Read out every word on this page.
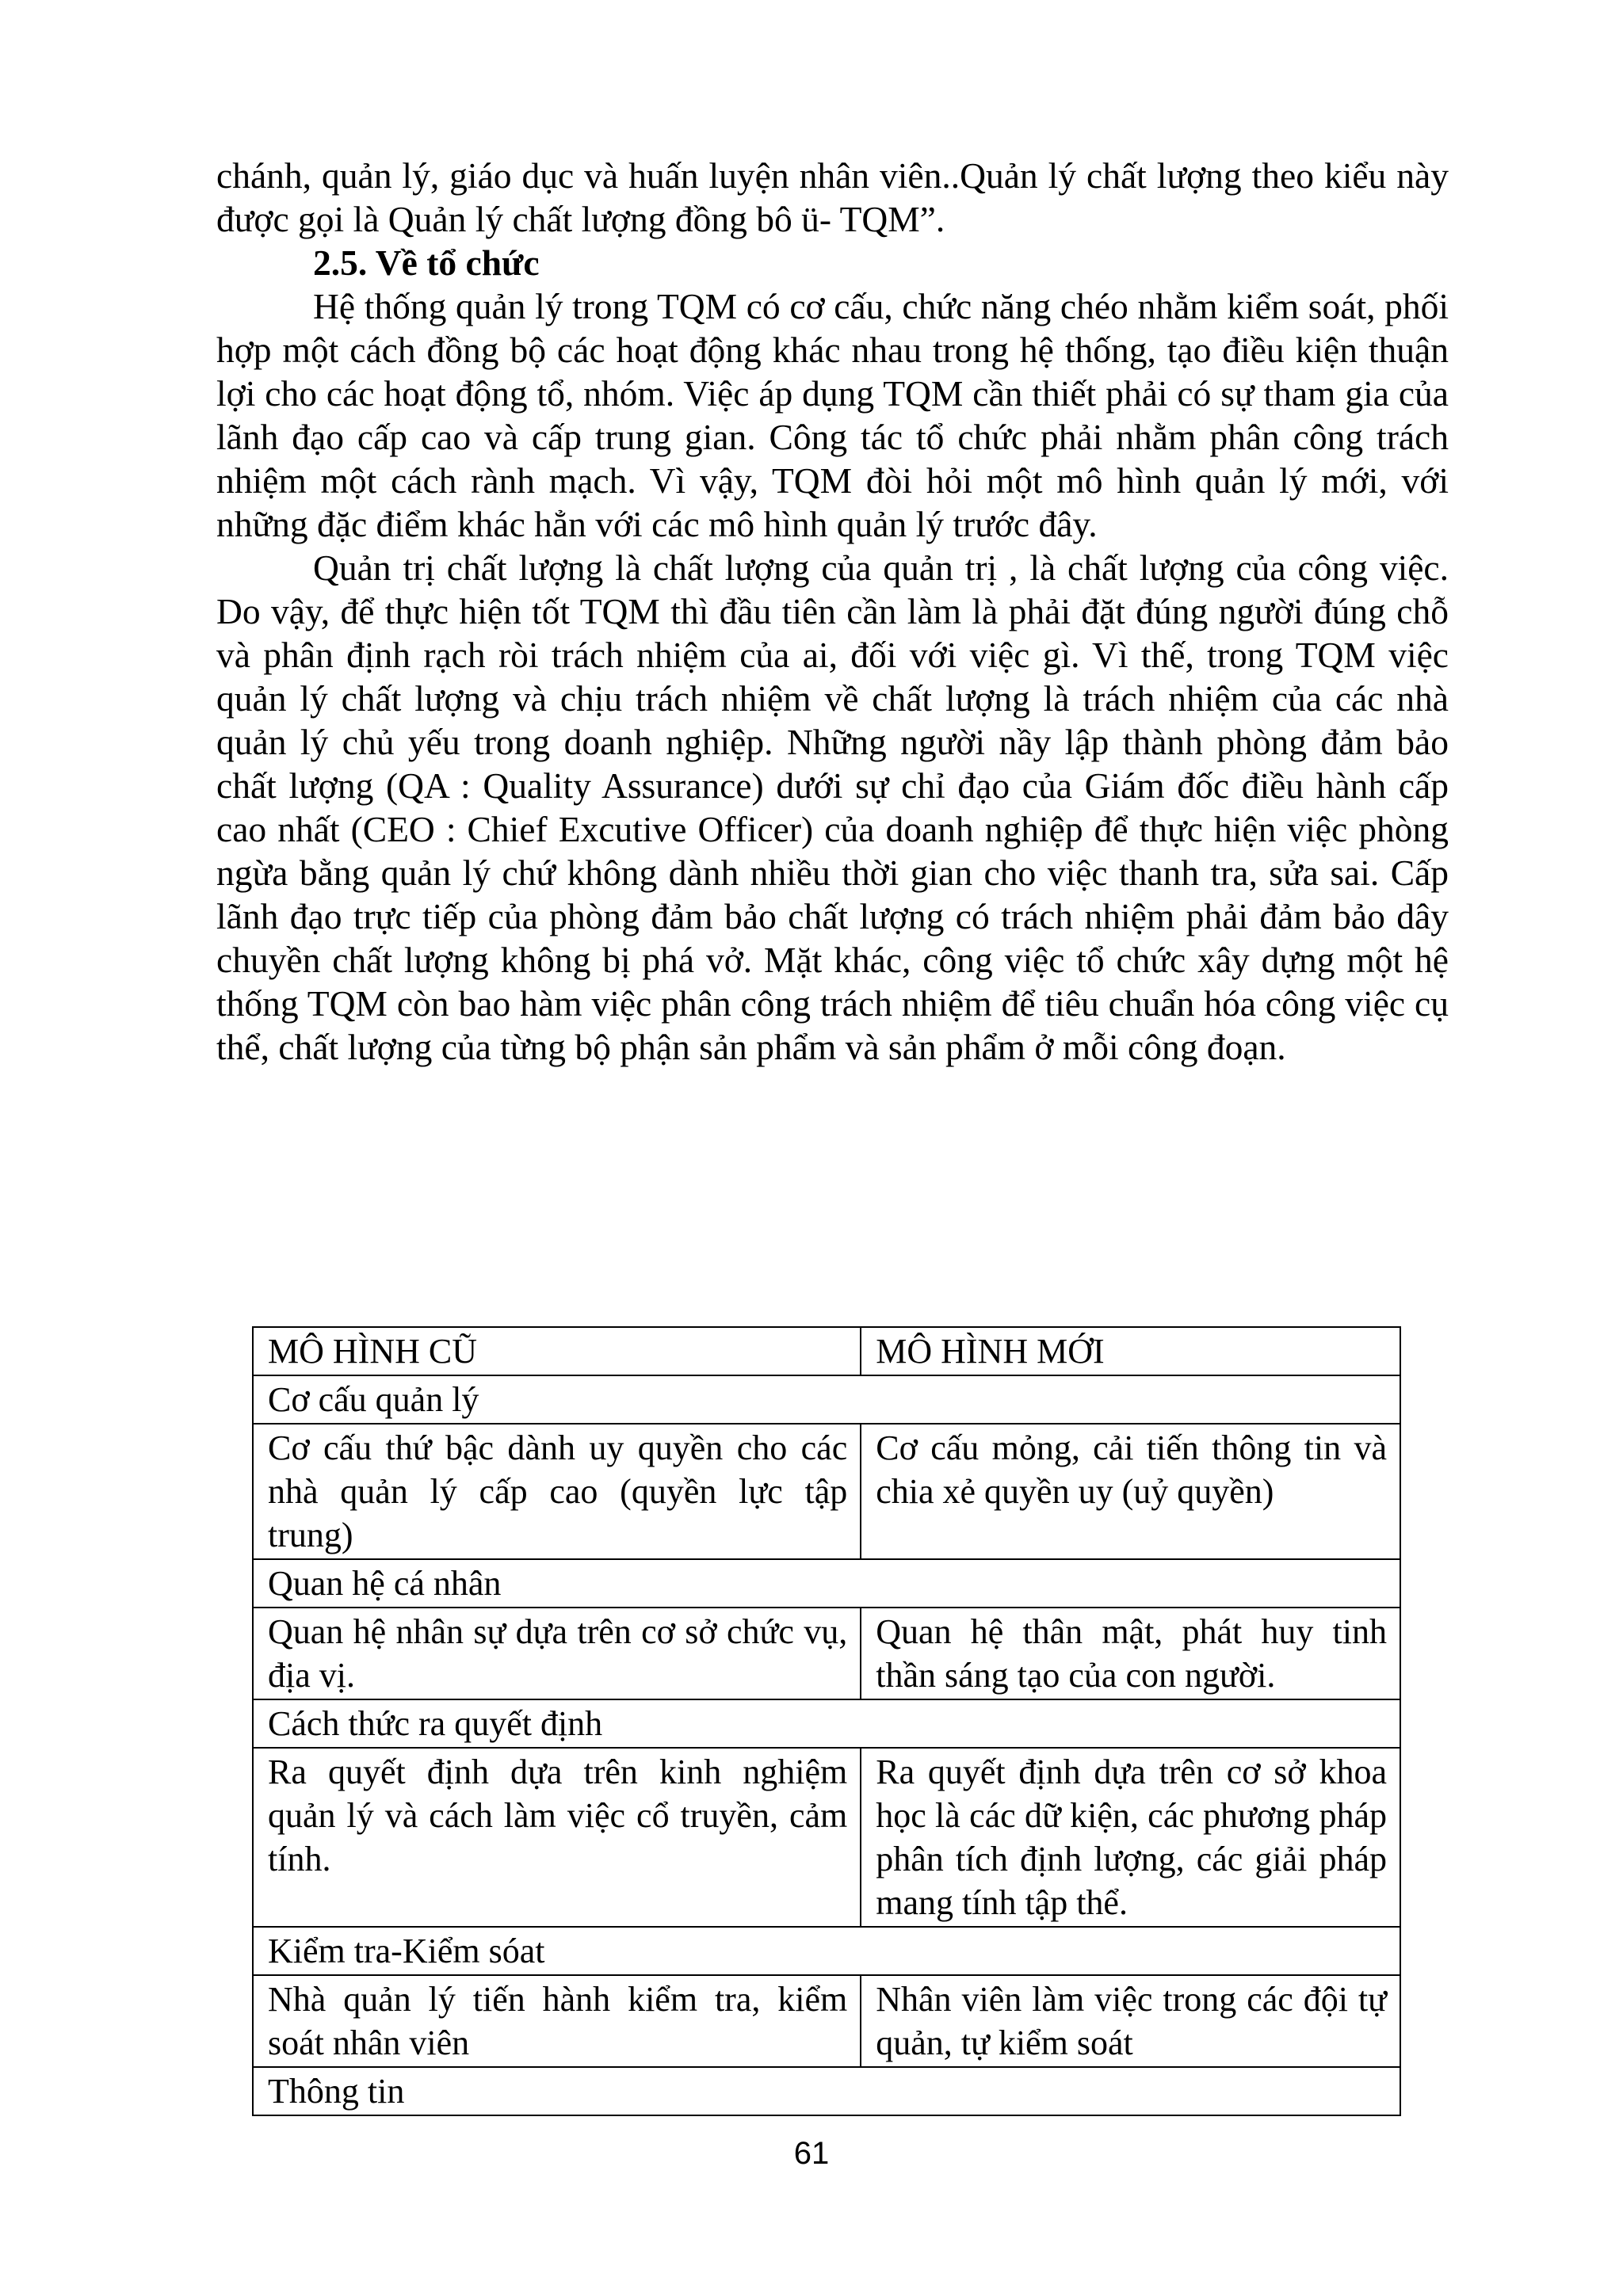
chánh, quản lý, giáo dục và huấn luyện nhân viên..Quản lý chất lượng theo kiểu này được gọi là Quản lý chất lượng đồng bô ü- TQM”.

2.5. Về tổ chức

Hệ thống quản lý trong TQM có cơ cấu, chức năng chéo nhằm kiểm soát, phối hợp một cách đồng bộ các hoạt động khác nhau trong hệ thống, tạo điều kiện thuận lợi cho các hoạt động tổ, nhóm. Việc áp dụng TQM cần thiết phải có sự tham gia của lãnh đạo cấp cao và cấp trung gian. Công tác tổ chức phải nhằm phân công trách nhiệm một cách rành mạch. Vì vậy, TQM đòi hỏi một mô hình quản lý mới, với những đặc điểm khác hẳn với các mô hình quản lý trước đây.

Quản trị chất lượng là chất lượng của quản trị , là chất lượng của công việc. Do vậy, để thực hiện tốt TQM thì đầu tiên cần làm là phải đặt đúng người đúng chỗ và phân định rạch ròi trách nhiệm của ai, đối với việc gì. Vì thế, trong TQM việc quản lý chất lượng và chịu trách nhiệm về chất lượng là trách nhiệm của các nhà quản lý chủ yếu trong doanh nghiệp. Những người nầy lập thành phòng đảm bảo chất lượng (QA : Quality Assurance) dưới sự chỉ đạo của Giám đốc điều hành cấp cao nhất (CEO : Chief Excutive Officer) của doanh nghiệp để thực hiện việc phòng ngừa bằng quản lý chứ không dành nhiều thời gian cho việc thanh tra, sửa sai. Cấp lãnh đạo trực tiếp của phòng đảm bảo chất lượng có trách nhiệm phải đảm bảo dây chuyền chất lượng không bị phá vở. Mặt khác, công việc tổ chức xây dựng một hệ thống TQM còn bao hàm việc phân công trách nhiệm để tiêu chuẩn hóa công việc cụ thể, chất lượng của từng bộ phận sản phẩm và sản phẩm ở mỗi công đoạn.

MÔ HÌNH CŨ	MÔ HÌNH MỚI
Cơ cấu quản lý	
Cơ cấu thứ bậc dành uy quyền cho các nhà quản lý cấp cao (quyền lực tập trung)	Cơ cấu mỏng, cải tiến thông tin và chia xẻ quyền uy (uỷ quyền)
Quan hệ cá nhân	
Quan hệ nhân sự dựa trên cơ sở chức vụ, địa vị.	Quan hệ thân mật, phát huy tinh thần sáng tạo của con người.
Cách thức ra quyết định	
Ra quyết định dựa trên kinh nghiệm quản lý và cách làm việc cổ truyền, cảm tính.	Ra quyết định dựa trên cơ sở khoa học là các dữ kiện, các phương pháp phân tích định lượng, các giải pháp mang tính tập thể.
Kiểm tra-Kiểm sóat	
Nhà quản lý tiến hành kiểm tra, kiểm soát nhân viên	Nhân viên làm việc trong các đội tự quản, tự kiểm soát
Thông tin	
61
